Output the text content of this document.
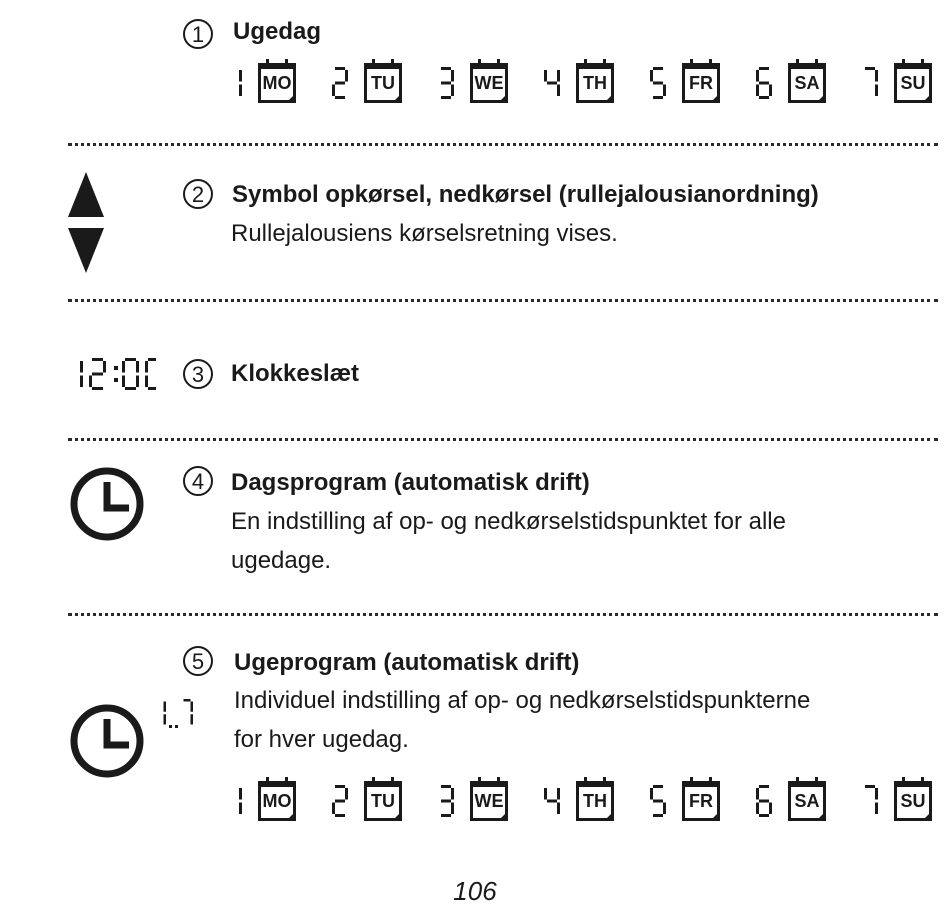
1	Ugedag
MO	TU	WE	TH	FR	SA	SU
2	Symbol opkørsel, nedkørsel (rullejalousianordning)
Rullejalousiens kørselsretning vises.
3	Klokkeslæt
4	Dagsprogram (automatisk drift)
En indstilling af op- og nedkørselstidspunktet for alle
ugedage.
5	Ugeprogram (automatisk drift)
Individuel indstilling af op- og nedkørselstidspunkterne
for hver ugedag.
MO	TU	WE	TH	FR	SA	SU
106
